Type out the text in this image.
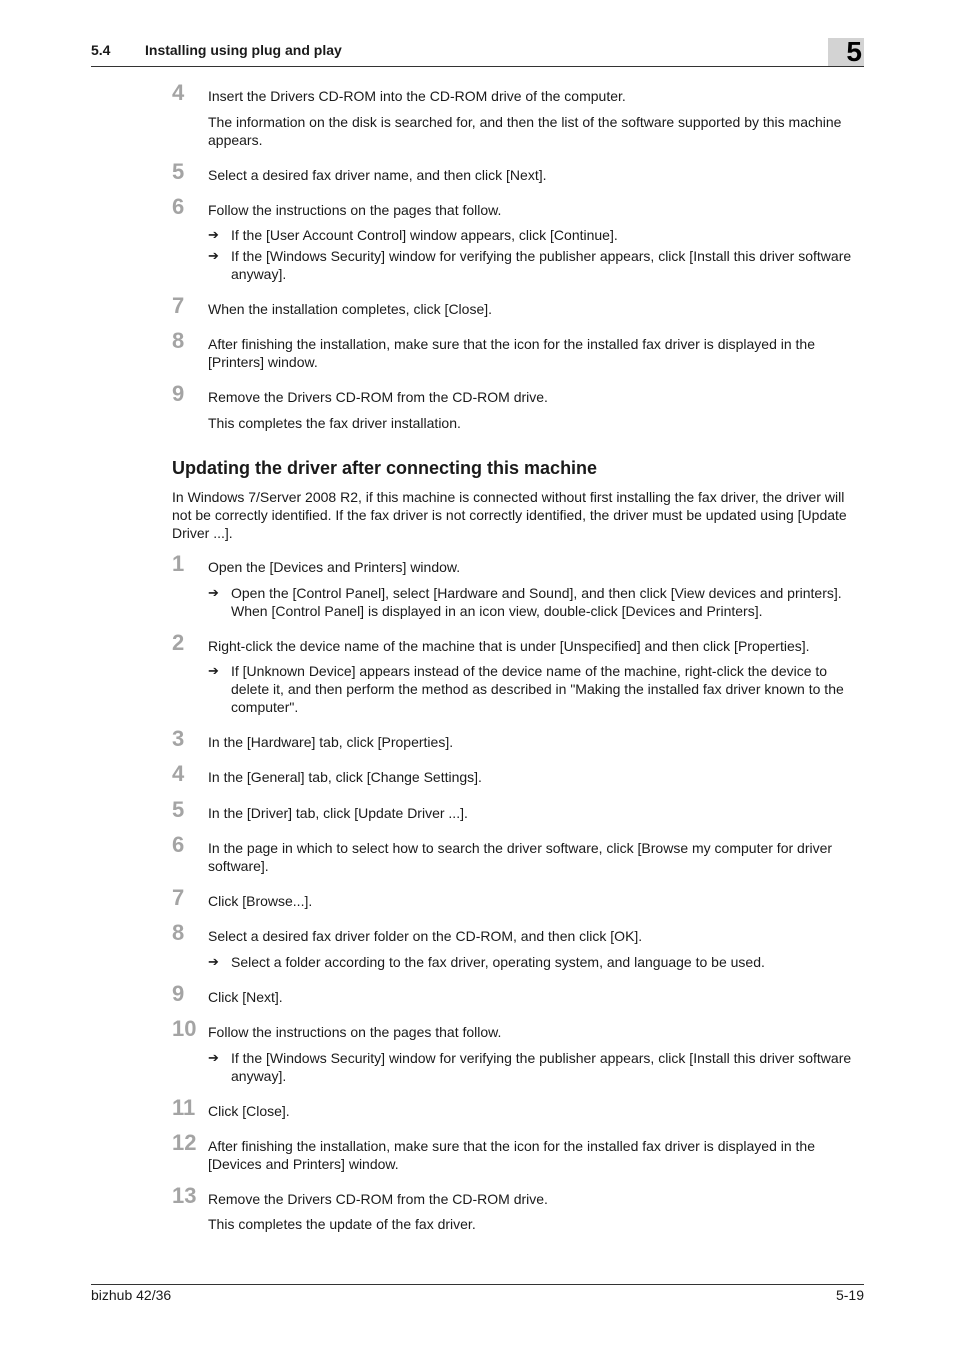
5.4 Installing using plug and play	5
4 Insert the Drivers CD-ROM into the CD-ROM drive of the computer.
The information on the disk is searched for, and then the list of the software supported by this machine appears.
5 Select a desired fax driver name, and then click [Next].
6 Follow the instructions on the pages that follow.
➔ If the [User Account Control] window appears, click [Continue].
➔ If the [Windows Security] window for verifying the publisher appears, click [Install this driver software anyway].
7 When the installation completes, click [Close].
8 After finishing the installation, make sure that the icon for the installed fax driver is displayed in the [Printers] window.
9 Remove the Drivers CD-ROM from the CD-ROM drive.
This completes the fax driver installation.
Updating the driver after connecting this machine
In Windows 7/Server 2008 R2, if this machine is connected without first installing the fax driver, the driver will not be correctly identified. If the fax driver is not correctly identified, the driver must be updated using [Update Driver ...].
1 Open the [Devices and Printers] window.
➔ Open the [Control Panel], select [Hardware and Sound], and then click [View devices and printers]. When [Control Panel] is displayed in an icon view, double-click [Devices and Printers].
2 Right-click the device name of the machine that is under [Unspecified] and then click [Properties].
➔ If [Unknown Device] appears instead of the device name of the machine, right-click the device to delete it, and then perform the method as described in "Making the installed fax driver known to the computer".
3 In the [Hardware] tab, click [Properties].
4 In the [General] tab, click [Change Settings].
5 In the [Driver] tab, click [Update Driver ...].
6 In the page in which to select how to search the driver software, click [Browse my computer for driver software].
7 Click [Browse...].
8 Select a desired fax driver folder on the CD-ROM, and then click [OK].
➔ Select a folder according to the fax driver, operating system, and language to be used.
9 Click [Next].
10 Follow the instructions on the pages that follow.
➔ If the [Windows Security] window for verifying the publisher appears, click [Install this driver software anyway].
11 Click [Close].
12 After finishing the installation, make sure that the icon for the installed fax driver is displayed in the [Devices and Printers] window.
13 Remove the Drivers CD-ROM from the CD-ROM drive.
This completes the update of the fax driver.
bizhub 42/36	5-19
